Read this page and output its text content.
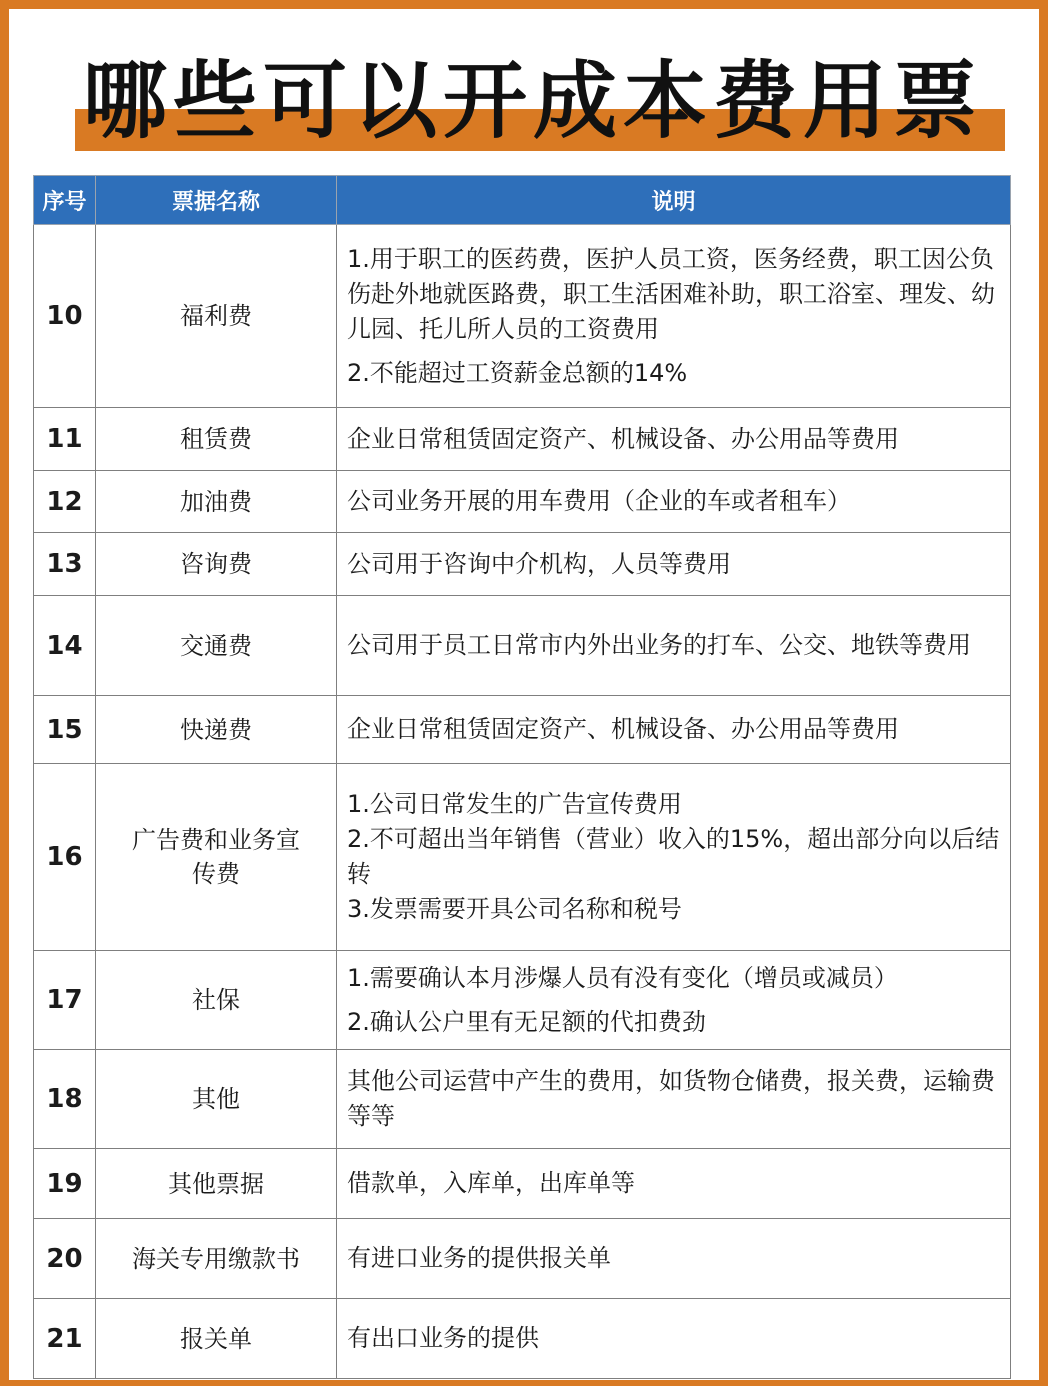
哪些可以开成本费用票
序号	票据名称	说明
10	福利费	1.用于职工的医药费，医护人员工资，医务经费，职工因公负伤赴外地就医路费，职工生活困难补助，职工浴室、理发、幼儿园、托儿所人员的工资费用
2.不能超过工资薪金总额的14%

11	租赁费	企业日常租赁固定资产、机械设备、办公用品等费用

12	加油费	公司业务开展的用车费用（企业的车或者租车）

13	咨询费	公司用于咨询中介机构，人员等费用

14	交通费	公司用于员工日常市内外出业务的打车、公交、地铁等费用

15	快递费	企业日常租赁固定资产、机械设备、办公用品等费用

16	广告费和业务宣传费	1.公司日常发生的广告宣传费用
2.不可超出当年销售（营业）收入的15%，超出部分向以后结转
3.发票需要开具公司名称和税号

17	社保	1.需要确认本月涉爆人员有没有变化（增员或减员）
2.确认公户里有无足额的代扣费劲

18	其他	其他公司运营中产生的费用，如货物仓储费，报关费，运输费等等

19	其他票据	借款单，入库单，出库单等

20	海关专用缴款书	有进口业务的提供报关单

21	报关单	有出口业务的提供
